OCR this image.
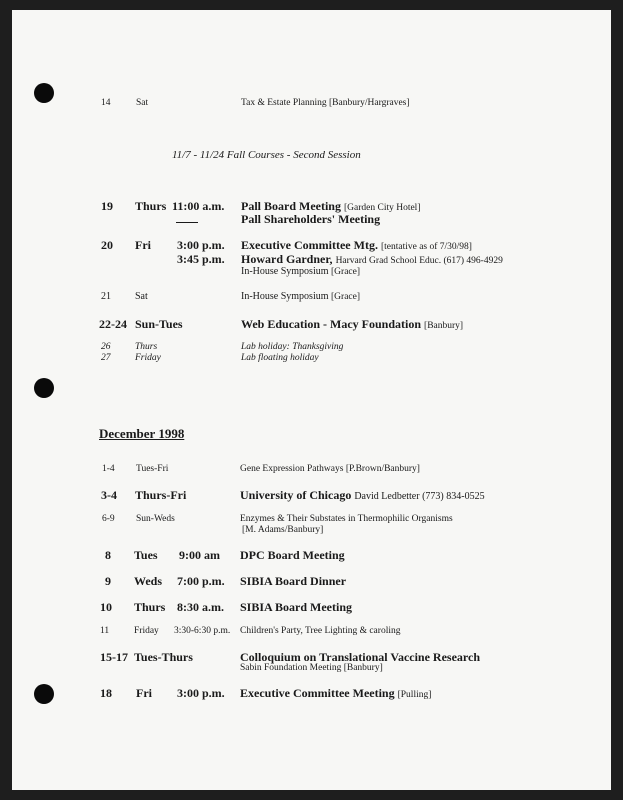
14	Sat	Tax & Estate Planning [Banbury/Hargraves]
11/7 - 11/24 Fall Courses - Second Session
19 Thurs 11:00 a.m. Pall Board Meeting [Garden City Hotel]
Pall Shareholders' Meeting
20 Fri 3:00 p.m. Executive Committee Mtg. [tentative as of 7/30/98]
3:45 p.m. Howard Gardner, Harvard Grad School Educ. (617) 496-4929
In-House Symposium [Grace]
21 Sat	In-House Symposium [Grace]
22-24 Sun-Tues	Web Education - Macy Foundation [Banbury]
26	Thurs	Lab holiday: Thanksgiving
27	Friday	Lab floating holiday
December 1998
1-4 Tues-Fri	Gene Expression Pathways [P.Brown/Banbury]
3-4 Thurs-Fri	University of Chicago David Ledbetter (773) 834-0525
6-9 Sun-Weds	Enzymes & Their Substates in Thermophilic Organisms
[M. Adams/Banbury]
8 Tues 9:00 am DPC Board Meeting
9 Weds 7:00 p.m. SIBIA Board Dinner
10 Thurs 8:30 a.m. SIBIA Board Meeting
11	Friday 3:30-6:30 p.m. Children's Party, Tree Lighting & caroling
15-17 Tues-Thurs	Colloquium on Translational Vaccine Research
Sabin Foundation Meeting [Banbury]
18 Fri 3:00 p.m. Executive Committee Meeting [Pulling]
